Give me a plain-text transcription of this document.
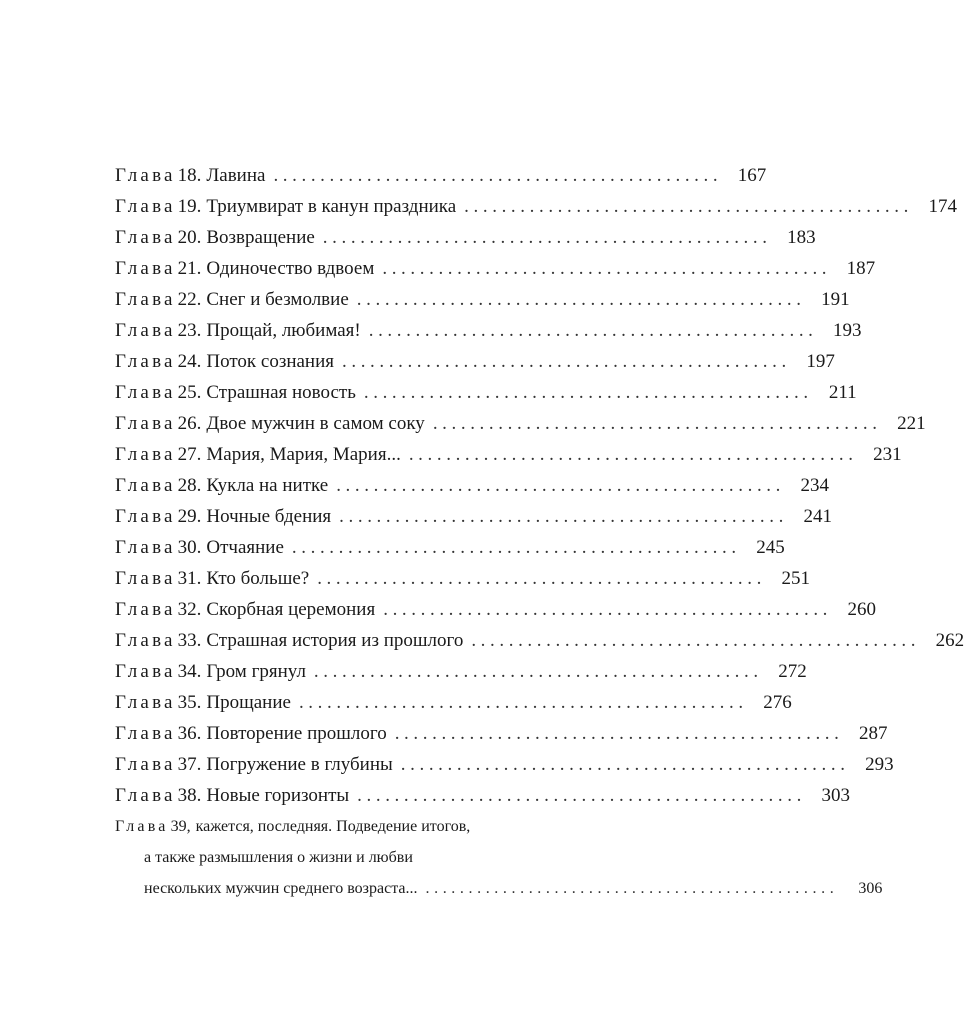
Глава 18. Лавина ................................................ 167
Глава 19. Триумвират в канун праздника ................................................ 174
Глава 20. Возвращение ................................................ 183
Глава 21. Одиночество вдвоем ................................................ 187
Глава 22. Снег и безмолвие ................................................ 191
Глава 23. Прощай, любимая! ................................................ 193
Глава 24. Поток сознания ................................................ 197
Глава 25. Страшная новость ................................................ 211
Глава 26. Двое мужчин в самом соку ................................................ 221
Глава 27. Мария, Мария, Мария... ................................................ 231
Глава 28. Кукла на нитке ................................................ 234
Глава 29. Ночные бдения ................................................ 241
Глава 30. Отчаяние ................................................ 245
Глава 31. Кто больше? ................................................ 251
Глава 32. Скорбная церемония ................................................ 260
Глава 33. Страшная история из прошлого ................................................ 262
Глава 34. Гром грянул ................................................ 272
Глава 35. Прощание ................................................ 276
Глава 36. Повторение прошлого ................................................ 287
Глава 37. Погружение в глубины ................................................ 293
Глава 38. Новые горизонты ................................................ 303
Глава 39, кажется, последняя. Подведение итогов,
а также размышления о жизни и любви
нескольких мужчин среднего возраста... ................................................	306
